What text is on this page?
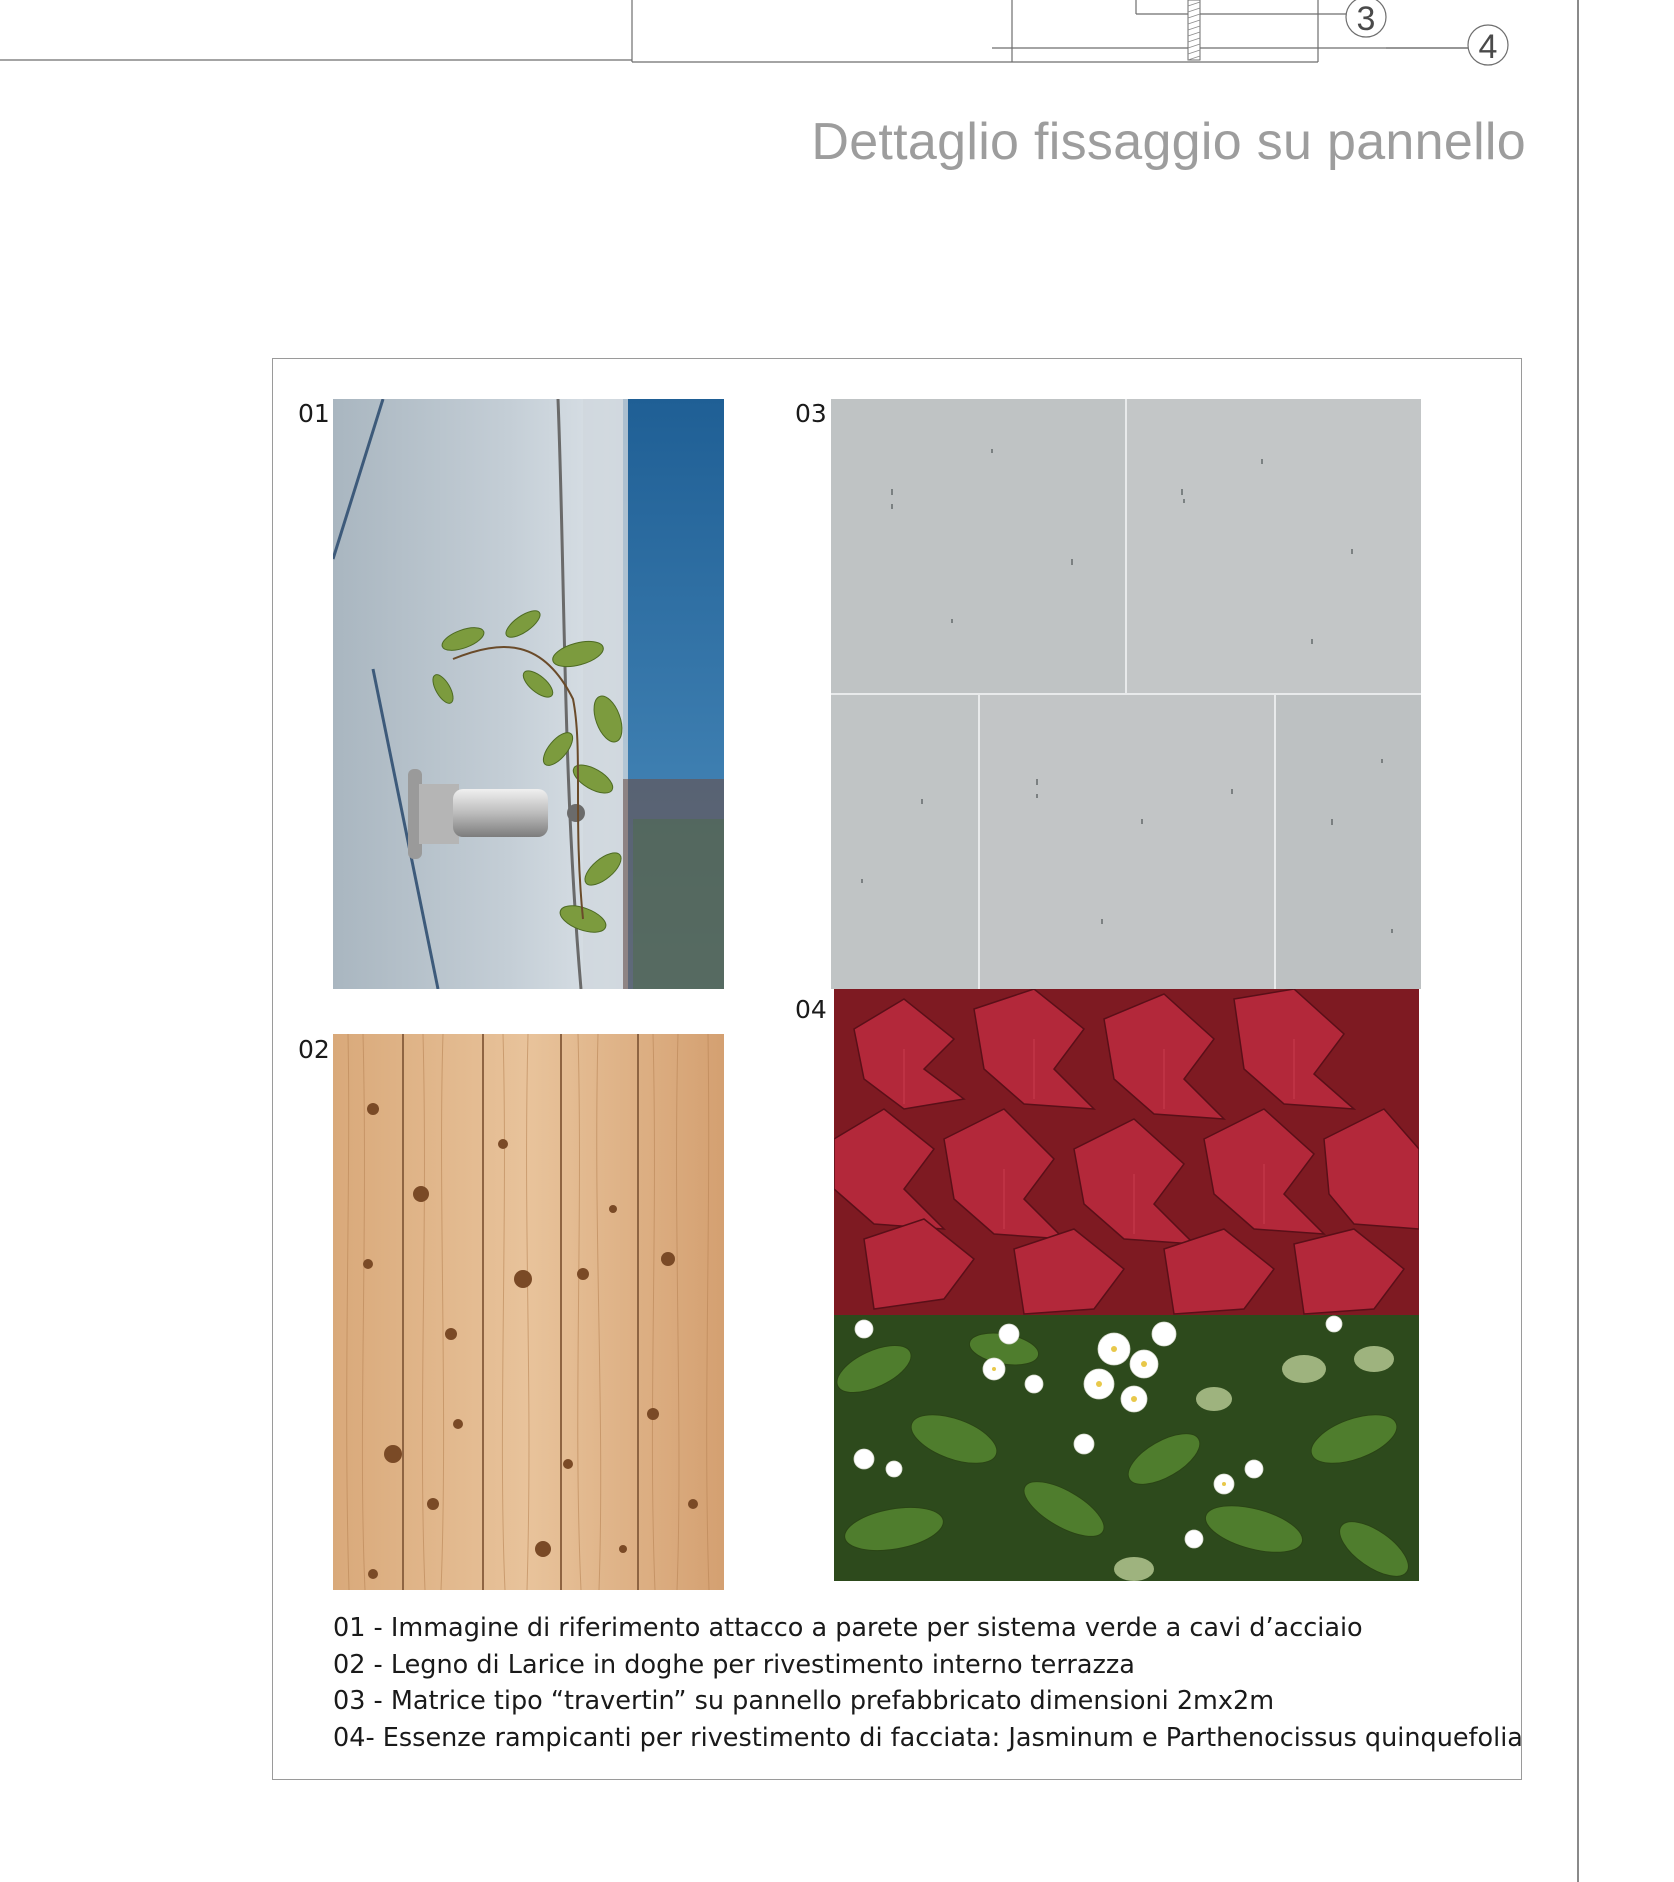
3
4
Dettaglio fissaggio su pannello
01
02
03
04
01 - Immagine di riferimento attacco a parete per sistema verde a cavi d’acciaio
02 - Legno di Larice in doghe per rivestimento interno terrazza
03 - Matrice tipo “travertin” su pannello prefabbricato dimensioni 2mx2m
04- Essenze rampicanti per rivestimento di facciata: Jasminum e Parthenocissus quinquefolia
